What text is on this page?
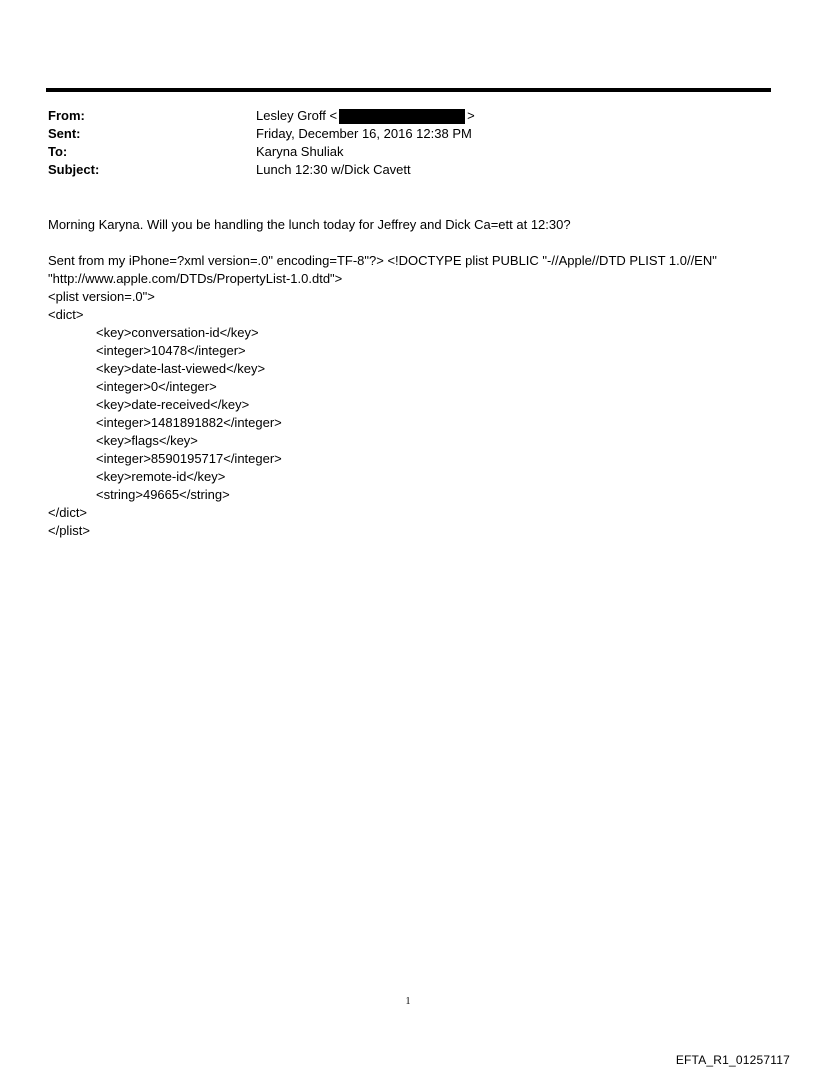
From:	Lesley Groff <	>
Sent:	Friday, December 16, 2016 12:38 PM
To:	Karyna Shuliak
Subject:	Lunch 12:30 w/Dick Cavett

Morning Karyna. Will you be handling the lunch today for Jeffrey and Dick Ca=ett at 12:30?

Sent from my iPhone=?xml version=.0" encoding=TF-8"?> <!DOCTYPE plist PUBLIC "-//Apple//DTD PLIST 1.0//EN"

"http://www.apple.com/DTDs/PropertyList-1.0.dtd">

<plist version=.0">

<dict>

<key>conversation-id</key>

<integer>10478</integer>

<key>date-last-viewed</key>

<integer>0</integer>

<key>date-received</key>

<integer>1481891882</integer>

<key>flags</key>

<integer>8590195717</integer>

<key>remote-id</key>

<string>49665</string>

</dict>

</plist>

1
EFTA_R1_01257117
